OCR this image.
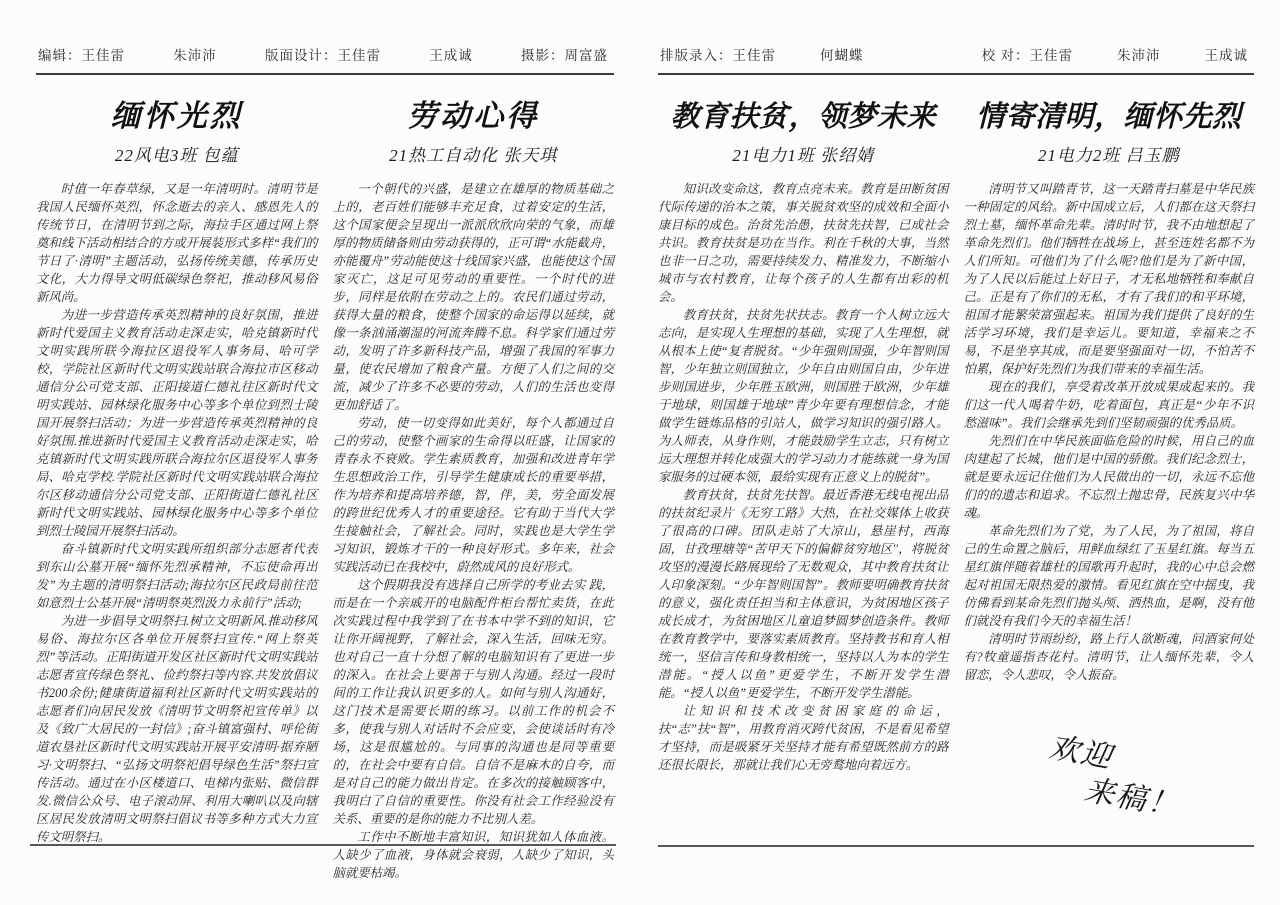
编辑：王佳雷	朱沛沛	版面设计：王佳雷	王成诚	摄影：周富盛
缅怀光烈
22风电3班 包蕴

时值一年春草绿，又是一年清明时。清明节是我国人民缅怀英烈，怀念逝去的亲人、感恩先人的传统节日，在清明节到之际，海拉手区通过网上祭奠和线下活动相结合的方或开展装形式多样“我们的节日了·清明”主题活动，弘扬传统美德，传承历史文化，大力得导文明低碳绿色祭祀，推动移风易俗新风尚。

为进一步营造传承英烈精神的良好氛围，推进新时代爱国主义教育活动走深走实，哈克镇新时代文明实践所联今海拉区退役军人事务局、哈可学校，学院社区新时代文明实践站联合海拉市区移动通信分公可党支部、正阳接道仁德礼往区新时代文明实践站、园林绿化服务中心等多个单位到烈士陵国开展祭扫活动；为进一步营造传承英烈精神的良好氛围.推进新时代爱国主义教育活动走深走实，哈克镇新时代文明实践所联合海拉尔区退役军人事务局、哈克学校.学院社区新时代文明实践站联合海拉尔区移动通信分公司党支部、正阳街道仁德礼社区新时代文明实践站、园林绿化服务中心等多个单位到烈士陵园开展祭扫活动。

奋斗镇新时代文明实践所组织部分志愿者代表到东山公墓开展“缅怀先烈承精神，不忘使命再出发”为主题的清明祭扫活动;海拉尔区民政局前往范如意烈士公基开展“清明祭英烈汲力永前行”活动;

为进一步倡导文明祭扫.树立文明新风.推动移风易俗、海拉尔区各单位开展祭扫宣传.“网上祭英烈”等活动。正阳街道开发区社区新时代文明实践站志愿者宣传绿色祭礼、俭约祭扫等内容.共发放倡议书200余份;健康街道福利社区新时代文明实践站的志愿者们向居民发放《清明节文明祭祀宣传单》以及《致广大居民的一封信》;奋斗镇富强村、呼伦街道农垦社区新时代文明实践站开展平安清明·据弃陋习·文明祭扫、“弘扬文明祭祀倡导绿色生活”祭扫宣传活动。通过在小区楼道口、电梯内张贴、微信群发.微信公众号、电子滚动屏、利用大喇叭以及向辖区居民发放清明文明祭扫倡议书等多种方式大力宣传文明祭扫。

劳动心得
21热工自动化 张天琪

一个朝代的兴盛，是建立在雄厚的物质基础之上的，老百姓们能够丰充足食，过着安定的生活，这个国家便会呈现出一派派欣欣向荣的气象，而雄厚的物质储备则由劳动获得的，正可谓“水能截舟，亦能覆舟”劳动能使这十线国家兴盛，也能使这个国家灭亡，这足可见劳动的重要性。一个时代的进步，同样是依附在劳动之上的。农民们通过劳动，获得大量的粮食，使整个国家的命运得以延续，就像一条汹涌潮湿的河流奔腾不息。科学家们通过劳动，发明了许多新科技产品，增强了我国的军事力量，使农民增加了粮食产量。方便了人们之间的交流，减少了许多不必要的劳动，人们的生活也变得更加舒适了。

劳动，使一切变得如此美好，每个人都通过自己的劳动，使整个画家的生命得以旺盛，让国家的青春永不衰败。学生素质教育，加强和改进青年学生思想政治工作，引导学生健康成长的重要举措，作为培养和提高培养德，智，伴，美，劳全面发展的跨世纪优秀人才的重要途径。它有助于当代大学生接触社会，了解社会。同时，实践也是大学生学习知识，锻炼才干的一种良好形式。多年来，社会实践活动已在我校中，蔚然成风的良好形式。

这个假期我没有选择自己所学的考业去实 践，而是在一个亲戚开的电脑配件柜台帮忙卖货，在此次实践过程中我学到了在书本中学不到的知识，它让你开阔视野，了解社会，深入生活，回味无穷。也对自己一直十分想了解的电脑知识有了更进一步的深入。在社会上要善于与别人沟通。经过一段时间的工作让我认识更多的人。如何与别人沟通好，这门技术是需要长期的练习。以前工作的机会不多，使我与别人对话时不会应变，会使谈话时有冷场，这是很尴尬的。与同事的沟通也是同等重要的，在社会中要有自信。自信不是麻木的自夸，而是对自己的能力做出肯定。在多次的接触顾客中，我明白了自信的重要性。你没有社会工作经验没有关系、重要的是你的能力不比别人差。

工作中不断地丰富知识，知识犹如人体血液。人缺少了血液，身体就会衰弱，人缺少了知识，头脑就要枯竭。

排版录入：王佳雷	何蝴蝶	校 对：王佳雷	朱沛沛	王成诚
教育扶贫，领梦未来
21电力1班 张绍婧

知识改变命这，教育点亮未来。教育是田断贫困代际传递的治本之策，事关脱贫欢坚的成效和全面小康目标的成色。治贫先治愚，扶贫先扶智，已成社会共识。教育扶贫是功在当作。利在千秋的大事，当然也非一日之功，需要持续发力、精准发力，不断缩小城市与农村教育，让每个孩子的人生都有出彩的机会。

教育扶贫，扶贫先状扶志。教育一个人树立远大志向，是实现人生理想的基础，实现了人生理想，就从根本上使“复者脱贫。“少年强则国强，少年智则国智，少年独立则国独立，少年自由则国自由，少年进步则国进步，少年胜玉欧洲，则国胜于欧洲，少年雄于地球，则国雄于地球”青少年要有理想信念，才能做学生链炼品格的引站人，做学习知识的强引路人。为人师表，从身作则，才能鼓励学生立志，只有树立远大理想并转化成强大的学习动力才能练就一身为国家服务的过硬本领，最给实现有正意义上的脱贫”。

教育扶贫，扶贫先扶智。最近香港无线电视出品的扶贫纪录片《无穷工路》大热，在社交媒体上收获了很高的口碑。团队走站了大凉山，悬崖村，西海固，甘孜理塘等“苦甲天下的偏僻贫穷地区''，将脱贫攻坚的漫漫长路展现给了无数观众，其中教育扶贫让人印象深刻。“少年智则国智”。教师要明确教育扶贫的意义，强化责任担当和主体意识，为贫困地区孩子成长成才，为贫困地区儿童追梦圆梦创造条件。教师在教育教学中，要落实素质教育。坚持教书和育人相统一，坚信言传和身教相统一，坚持以人为本的学生潜能。“授人以鱼”更爱学生，不断开发学生潜能。“授人以鱼”更爱学生，不断开发学生潜能。

让知识和技术改变贫困家庭的命运，扶“志”扶“智”，用教育消灭跨代贫困，不是看见希望才坚持，而是吸紧牙关坚持才能有希望既然前方的路还很长限长，那就让我们心无旁鹜地向着远方。

情寄清明，缅怀先烈
21电力2班 吕玉鹏

清明节又叫踏青节，这一天踏青扫墓是中华民族一种固定的风给。新中国成立后，人们都在这天祭扫烈土墓，缅怀革命先辈。清时时节，我不由地想起了革命先烈们。他们牺牲在战场上，甚至连姓名都不为人们所知。可他们为了什么呢?他们是为了新中国，为了人民以后能过上好日子，才无私地牺牲和奉献自己。正是有了你们的无私，才有了我们的和平环境，祖国才能繁荣富强起来。祖国为我们提供了良好的生活学习环境，我们是幸运儿。要知道，幸福来之不易，不是坐享其成，而是要坚强面对一切，不怕苦不怕累，保护好先烈们为我们带来的幸福生活。

现在的我们，享受着改革开放成果成起来的。我们这一代人喝着牛奶，吃着面包，真正是“少年不识愁滋味”。我们会继承先到们坚韧顽强的优秀品质。

先烈们在中华民族面临危险的时候，用自己的血肉建起了长城，他们是中国的骄傲。我们纪念烈士，就是要永远记住他们为人民做出的一切，永远不忘他们的的遗志和追求。不忘烈土抛忠骨，民族复兴中华魂。

革命先烈们为了党，为了人民，为了祖国，将自己的生命置之脑后，用鲜血绿红了玉星红旗。每当五星红旗伴随着雄杜的国歌再升起时，我的心中总会燃起对祖国无限热爱的激情。看见红旗在空中摇曳，我仿佛看到某命先烈们抛头颅、洒热血，是啊，没有他们就没有我们今天的幸福生活！

清明时节雨纷纷，路上行人欲断魂，问酒家何处有?牧童遥指杏花村。清明节，让人缅怀先辈，令人留恋，令人悲叹，令人振奋。

欢迎
来稿！
